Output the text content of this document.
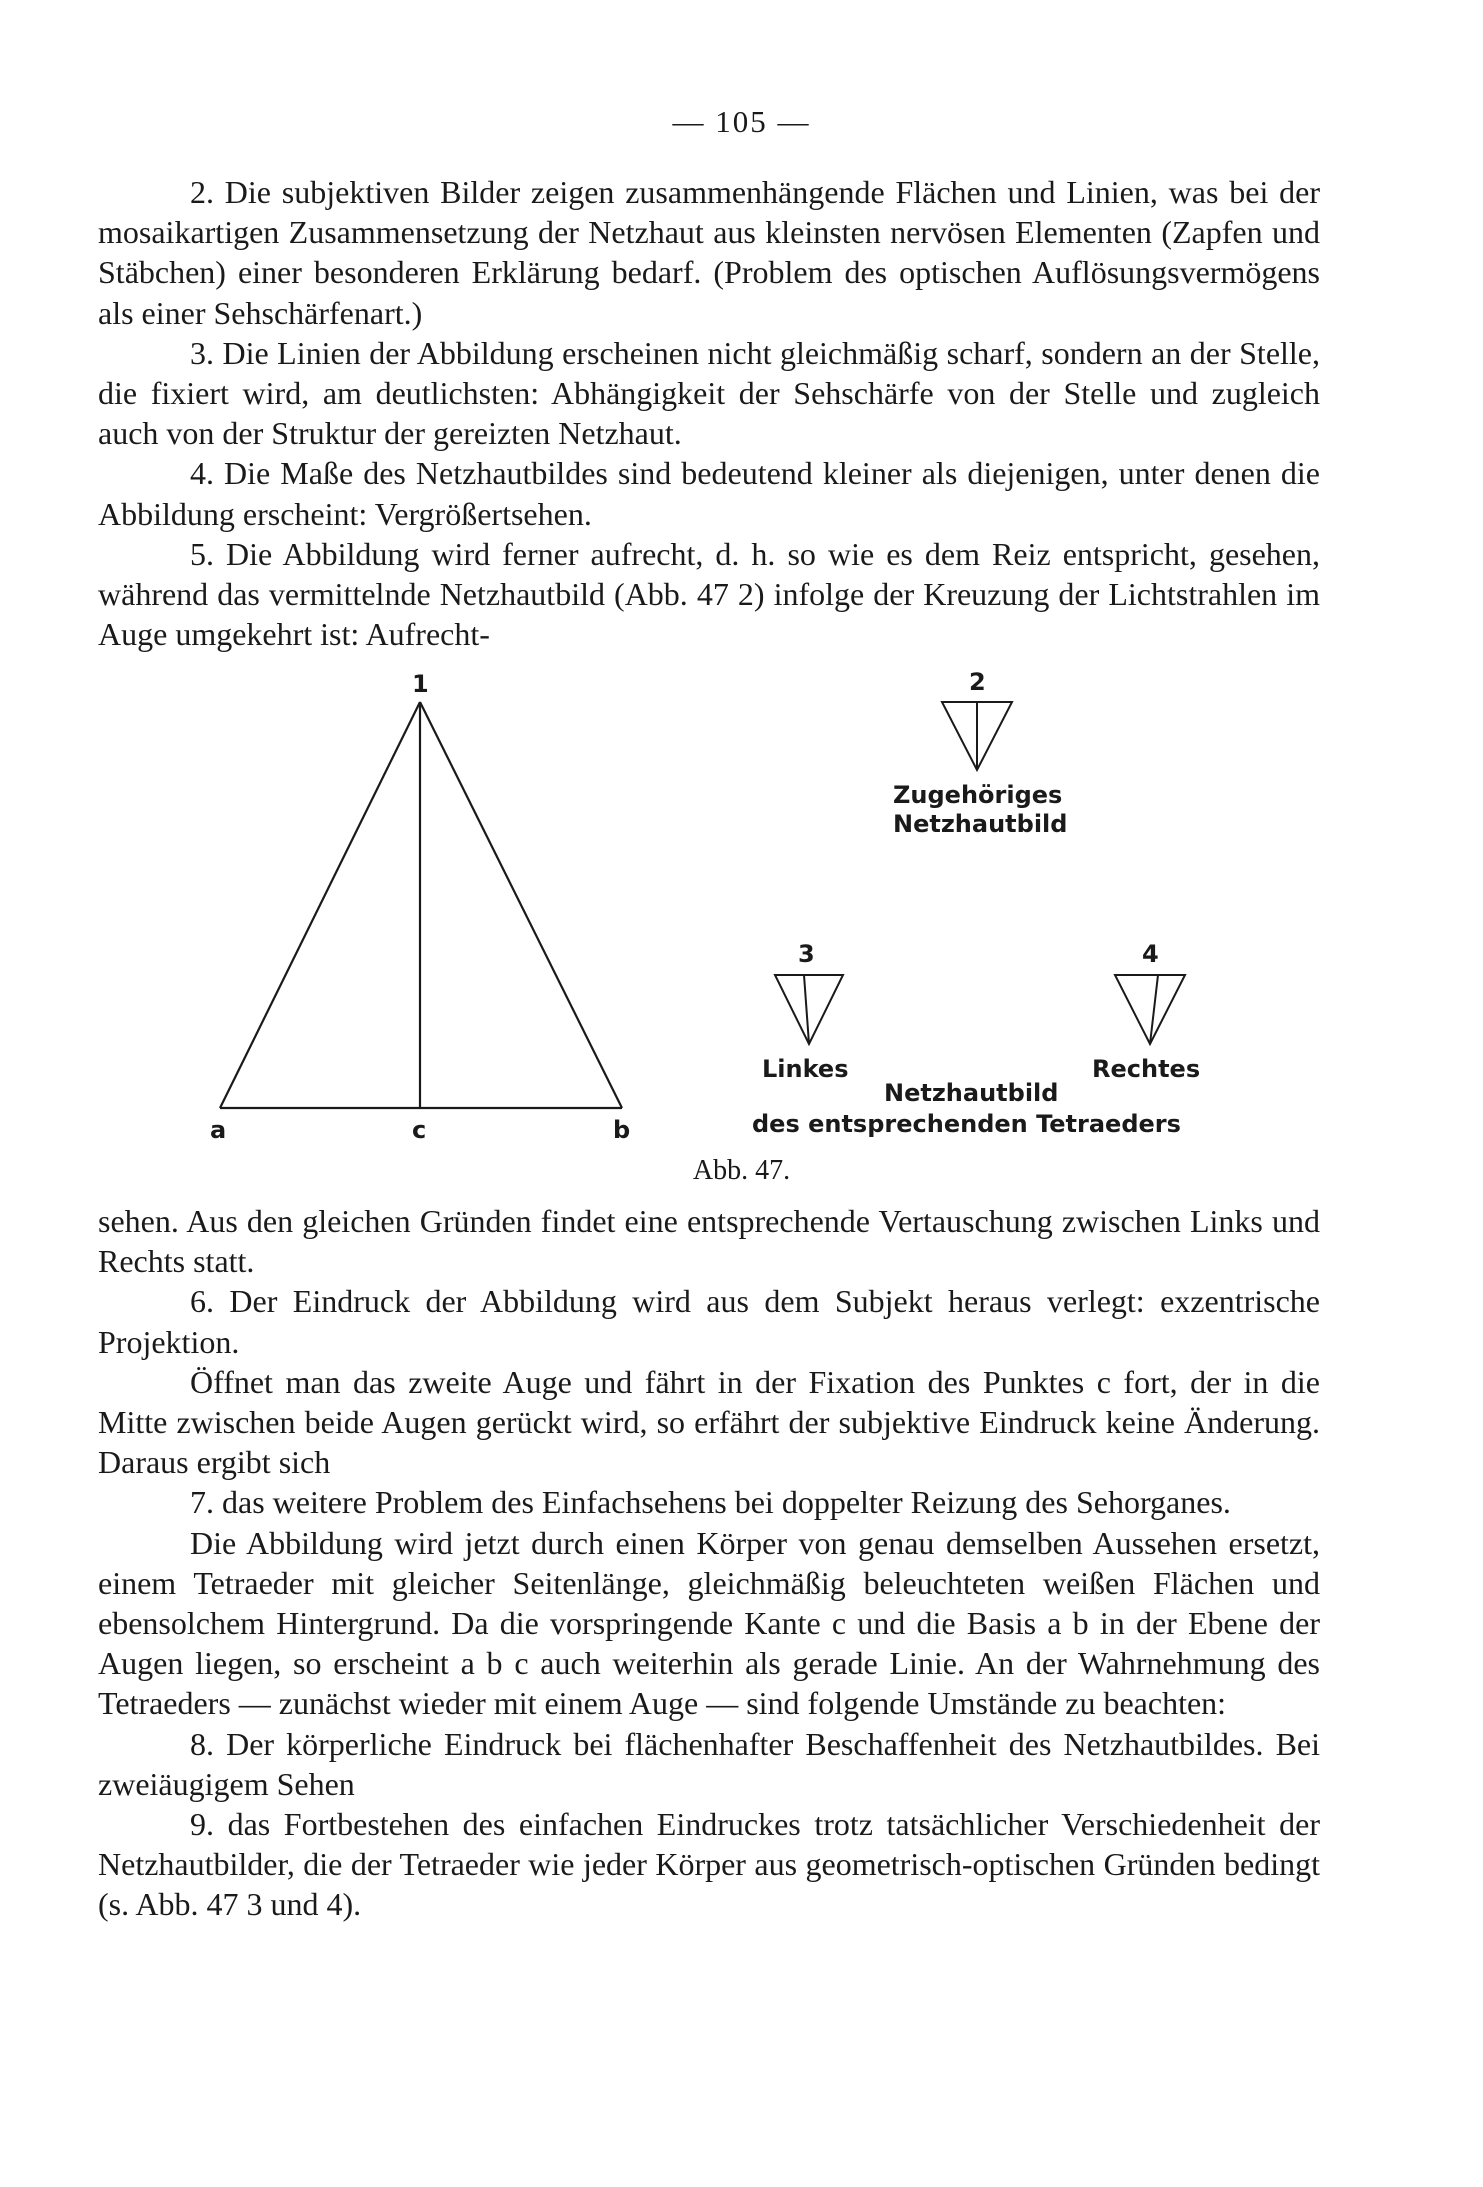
— 105 —

2. Die subjektiven Bilder zeigen zusammenhängende Flächen und Linien, was bei der mosaikartigen Zusammensetzung der Netzhaut aus kleinsten nervösen Elementen (Zapfen und Stäbchen) einer besonderen Erklärung bedarf. (Problem des optischen Auflösungsvermögens als einer Sehschärfenart.)

3. Die Linien der Abbildung erscheinen nicht gleichmäßig scharf, sondern an der Stelle, die fixiert wird, am deutlichsten: Abhängigkeit der Sehschärfe von der Stelle und zugleich auch von der Struktur der gereizten Netzhaut.

4. Die Maße des Netzhautbildes sind bedeutend kleiner als diejenigen, unter denen die Abbildung erscheint: Vergrößertsehen.

5. Die Abbildung wird ferner aufrecht, d. h. so wie es dem Reiz entspricht, gesehen, während das vermittelnde Netzhautbild (Abb. 47 2) infolge der Kreuzung der Lichtstrahlen im Auge umgekehrt ist: Aufrecht-

1
a	c	b
2
Zugehöriges
Netzhautbild
3
Linkes
4
Rechtes
Netzhautbild
des entsprechenden Tetraeders
Abb. 47.

sehen. Aus den gleichen Gründen findet eine entsprechende Vertauschung zwischen Links und Rechts statt.

6. Der Eindruck der Abbildung wird aus dem Subjekt heraus verlegt: exzentrische Projektion.

Öffnet man das zweite Auge und fährt in der Fixation des Punktes c fort, der in die Mitte zwischen beide Augen gerückt wird, so erfährt der subjektive Eindruck keine Änderung. Daraus ergibt sich

7. das weitere Problem des Einfachsehens bei doppelter Reizung des Sehorganes.

Die Abbildung wird jetzt durch einen Körper von genau demselben Aussehen ersetzt, einem Tetraeder mit gleicher Seitenlänge, gleichmäßig beleuchteten weißen Flächen und ebensolchem Hintergrund. Da die vorspringende Kante c und die Basis a b in der Ebene der Augen liegen, so erscheint a b c auch weiterhin als gerade Linie. An der Wahrnehmung des Tetraeders — zunächst wieder mit einem Auge — sind folgende Umstände zu beachten:

8. Der körperliche Eindruck bei flächenhafter Beschaffenheit des Netzhautbildes. Bei zweiäugigem Sehen

9. das Fortbestehen des einfachen Eindruckes trotz tatsächlicher Verschiedenheit der Netzhautbilder, die der Tetraeder wie jeder Körper aus geometrisch-optischen Gründen bedingt (s. Abb. 47 3 und 4).
